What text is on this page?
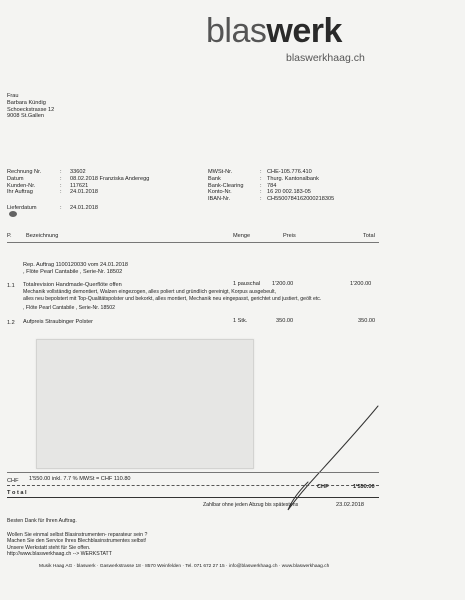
blaswerk
blaswerkhaag.ch
Frau
Barbara Kündig
Schoeckstrasse 12
9008 St.Gallen
Rechnung Nr.	:	33602
Datum	:	08.02.2018 Franziska Anderegg
Kunden-Nr.	:	117621
Ihr Auftrag	:	24.01.2018
Lieferdatum	:	24.01.2018
MWSt-Nr.	: CHE-105.776.410
Bank	: Thurg. Kantonalbank
Bank-Clearing	: 784
Konto-Nr.	: 16 20 002.183-05
IBAN-Nr.	: CH5500784162000218305
P.	Bezeichnung	Menge	Preis	Total
Rep. Auftrag 1100120030 vom 24.01.2018
, Flöte Pearl Cantabile , Serie-Nr. 18502
1.1 Totalrevision Handmade-Querflöte offen	1 pauschal 1'200.00	1'200.00
Mechanik vollständig demontiert, Walzen eingezogen, alles poliert und gründlich gereinigt, Korpus ausgebeult,
alles neu bepolstert mit Top-Qualitätspolster und bekorkt, alles montiert, Mechanik neu eingepasst, gerichtet und justiert, geölt etc.
, Flöte Pearl Cantabile , Serie-Nr. 18502
1.2 Aufpreis Straubinger Polster	1 Stk.	350.00	350.00
CHF 1'550.00 inkl. 7.7 % MWSt = CHF 110.80
T o t a l
CHF	1'550.00
Zahlbar ohne jeden Abzug bis spätestens	23.02.2018
Besten Dank für Ihren Auftrag.
Wollen Sie einmal selbst Blasinstrumenten- reparateur sein ?
Machen Sie den Service Ihres Blechblasinstrumentes selbst!
Unsere Werkstatt steht für Sie offen.
http://www.blaswerkhaag.ch --> WERKSTATT
Musik Haag AG · blaswerk · Gaswerkstrasse 18 · 8570 Weinfelden · Tel. 071 672 27 15 · info@blaswerkhaag.ch · www.blaswerkhaag.ch
